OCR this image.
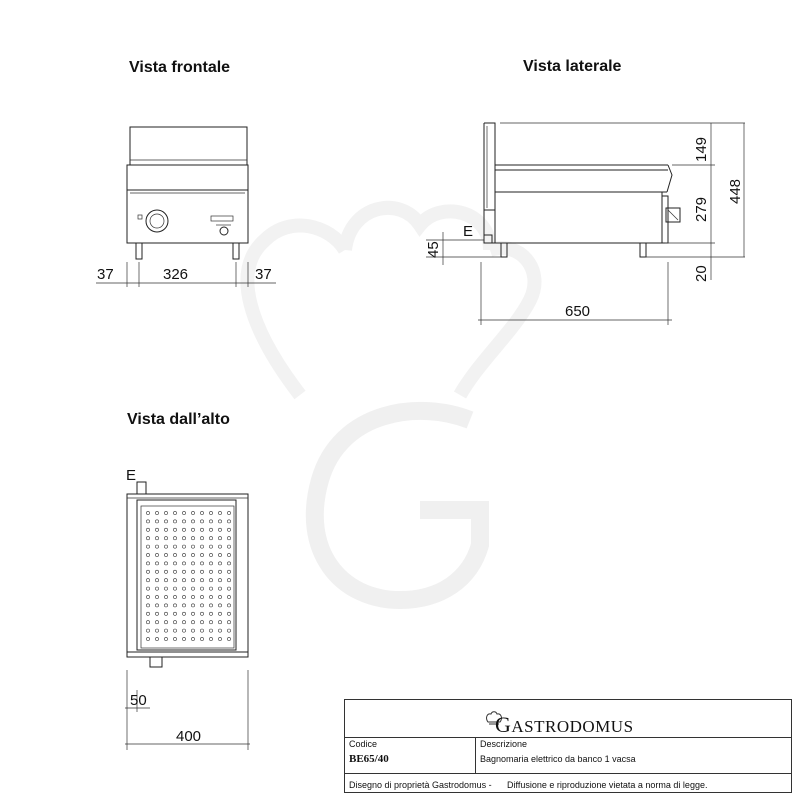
Vista frontale	Vista laterale
Vista dall’alto
37	326	37
149
279
448
20
45
E
650
E
50
400	GASTRODOMUS
Codice
BE65/40
Descrizione
Bagnomaria elettrico da banco 1 vacsa
Disegno di proprietà Gastrodomus - Diffusione e riproduzione vietata a norma di legge.
